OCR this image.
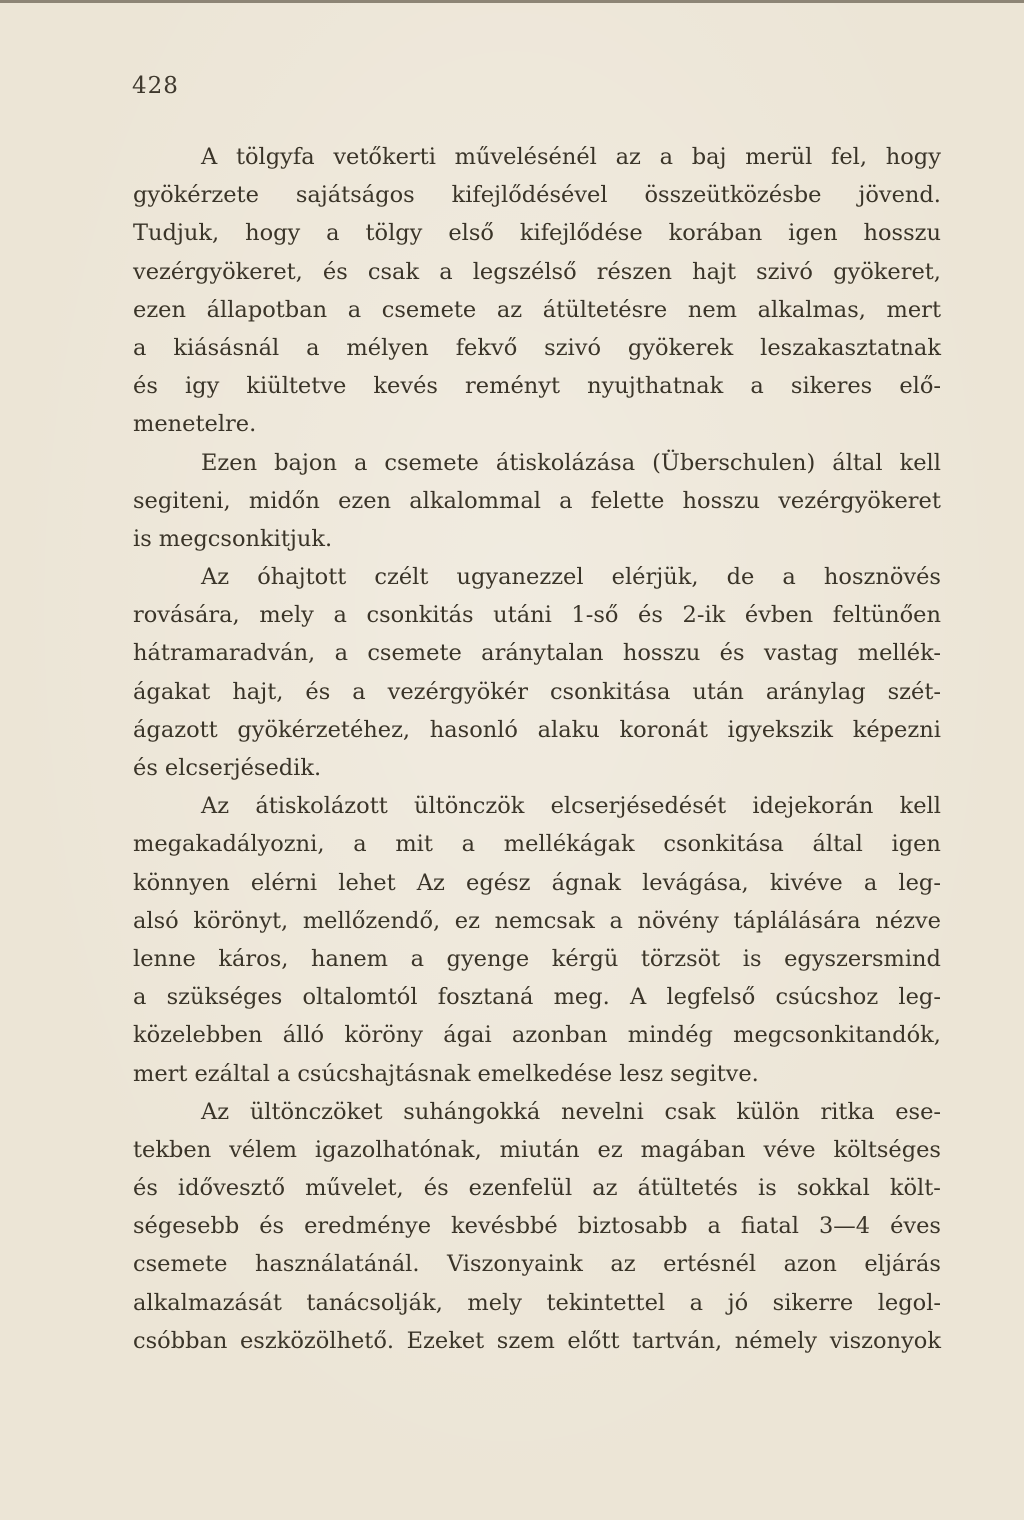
428
A tölgyfa vetőkerti művelésénél az a baj merül fel, hogy
gyökérzete sajátságos kifejlődésével összeütközésbe jövend.
Tudjuk, hogy a tölgy első kifejlődése korában igen hosszu
vezérgyökeret, és csak a legszélső részen hajt szivó gyökeret,
ezen állapotban a csemete az átültetésre nem alkalmas, mert
a kiásásnál a mélyen fekvő szivó gyökerek leszakasztatnak
és igy kiültetve kevés reményt nyujthatnak a sikeres elő-
menetelre.
Ezen bajon a csemete átiskolázása (Überschulen) által kell
segiteni, midőn ezen alkalommal a felette hosszu vezérgyökeret
is megcsonkitjuk.
Az óhajtott czélt ugyanezzel elérjük, de a hosznövés
rovására, mely a csonkitás utáni 1-ső és 2-ik évben feltünően
hátramaradván, a csemete aránytalan hosszu és vastag mellék-
ágakat hajt, és a vezérgyökér csonkitása után aránylag szét-
ágazott gyökérzetéhez, hasonló alaku koronát igyekszik képezni
és elcserjésedik.
Az átiskolázott ültönczök elcserjésedését idejekorán kell
megakadályozni, a mit a mellékágak csonkitása által igen
könnyen elérni lehet Az egész ágnak levágása, kivéve a leg-
alsó körönyt, mellőzendő, ez nemcsak a növény táplálására nézve
lenne káros, hanem a gyenge kérgü törzsöt is egyszersmind
a szükséges oltalomtól fosztaná meg. A legfelső csúcshoz leg-
közelebben álló köröny ágai azonban mindég megcsonkitandók,
mert ezáltal a csúcshajtásnak emelkedése lesz segitve.
Az ültönczöket suhángokká nevelni csak külön ritka ese-
tekben vélem igazolhatónak, miután ez magában véve költséges
és idővesztő művelet, és ezenfelül az átültetés is sokkal költ-
ségesebb és eredménye kevésbbé biztosabb a fiatal 3—4 éves
csemete használatánál. Viszonyaink az ertésnél azon eljárás
alkalmazását tanácsolják, mely tekintettel a jó sikerre legol-
csóbban eszközölhető. Ezeket szem előtt tartván, némely viszonyok
